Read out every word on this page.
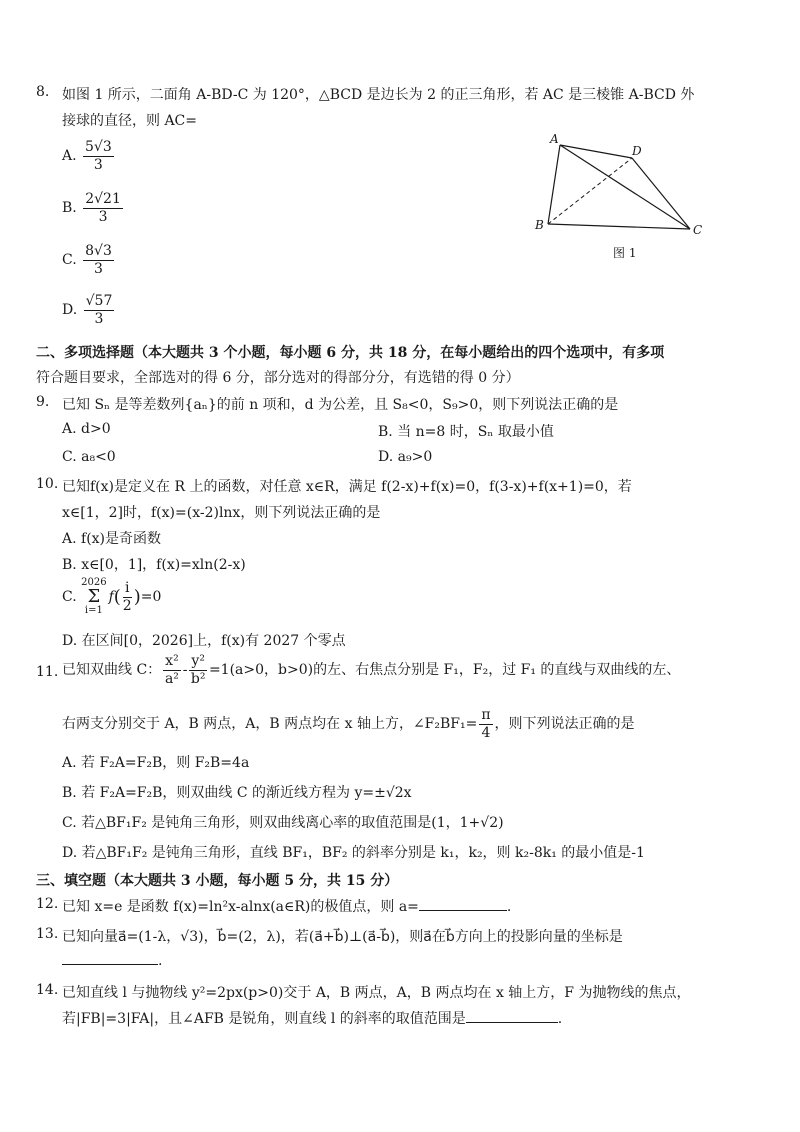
8. 如图 1 所示，二面角 A-BD-C 为 120°，△BCD 是边长为 2 的正三角形，若 AC 是三棱锥 A-BCD 外
接球的直径，则 AC=
A. $\frac{5√3}{3}$
B. $\frac{2√21}{3}$
C. $\frac{8√3}{3}$
D. $\frac{√57}{3}$
A
D
B	C
图 1
二、多项选择题（本大题共 3 个小题，每小题 6 分，共 18 分，在每小题给出的四个选项中，有多项
符合题目要求，全部选对的得 6 分，部分选对的得部分分，有选错的得 0 分）
9. 已知 Sₙ 是等差数列{aₙ}的前 n 项和，d 为公差，且 S₈<0，S₉>0，则下列说法正确的是
A. d>0	B. 当 n=8 时，Sₙ 取最小值
C. a₈<0	D. a₉>0
10. 已知f(x)是定义在 R 上的函数，对任意 x∈R，满足 f(2-x)+f(x)=0，f(3-x)+f(x+1)=0，若
x∈[1，2]时，f(x)=(x-2)lnx，则下列说法正确的是
A. f(x)是奇函数
B. x∈[0，1]，f(x)=xln(2-x)
C. 2026
Σ
$i=1f( \frac{i}{2} )=0$
D. 在区间[0，2026]上，f(x)有 2027 个零点
11. 已知双曲线 C： $\frac{\text{x²}}{\text{a²}} - \frac{\text{y²}}{\text{b²}} =1(a>0$，b>0)的左、右焦点分别是 F₁，F₂，过 F₁ 的直线与双曲线的左、
右两支分别交于 A，B 两点，A，B 两点均在 x 轴上方，∠F₂BF₁= $\frac{\pi}{4}$ ，则下列说法正确的是
A. 若 F₂A=F₂B，则 F₂B=4a
B. 若 F₂A=F₂B，则双曲线 C 的渐近线方程为 y=±√2x
C. 若△BF₁F₂ 是钝角三角形，则双曲线离心率的取值范围是(1，1+√2)
D. 若△BF₁F₂ 是钝角三角形，直线 BF₁，BF₂ 的斜率分别是 k₁，k₂，则 k₂-8k₁ 的最小值是-1
三、填空题（本大题共 3 小题，每小题 5 分，共 15 分）
12. 已知 x=e 是函数 f(x)=ln²x-alnx(a∈R)的极值点，则 a=	.
13. 已知向量a⃗=(1-λ，√3)，b⃗=(2，λ)，若(a⃗+b⃗)⊥(a⃗-b⃗)，则a⃗在b⃗方向上的投影向量的坐标是
.
14. 已知直线 l 与抛物线 y²=2px(p>0)交于 A，B 两点，A，B 两点均在 x 轴上方，F 为抛物线的焦点，
若|FB|=3|FA|，且∠AFB 是锐角，则直线 l 的斜率的取值范围是	.
